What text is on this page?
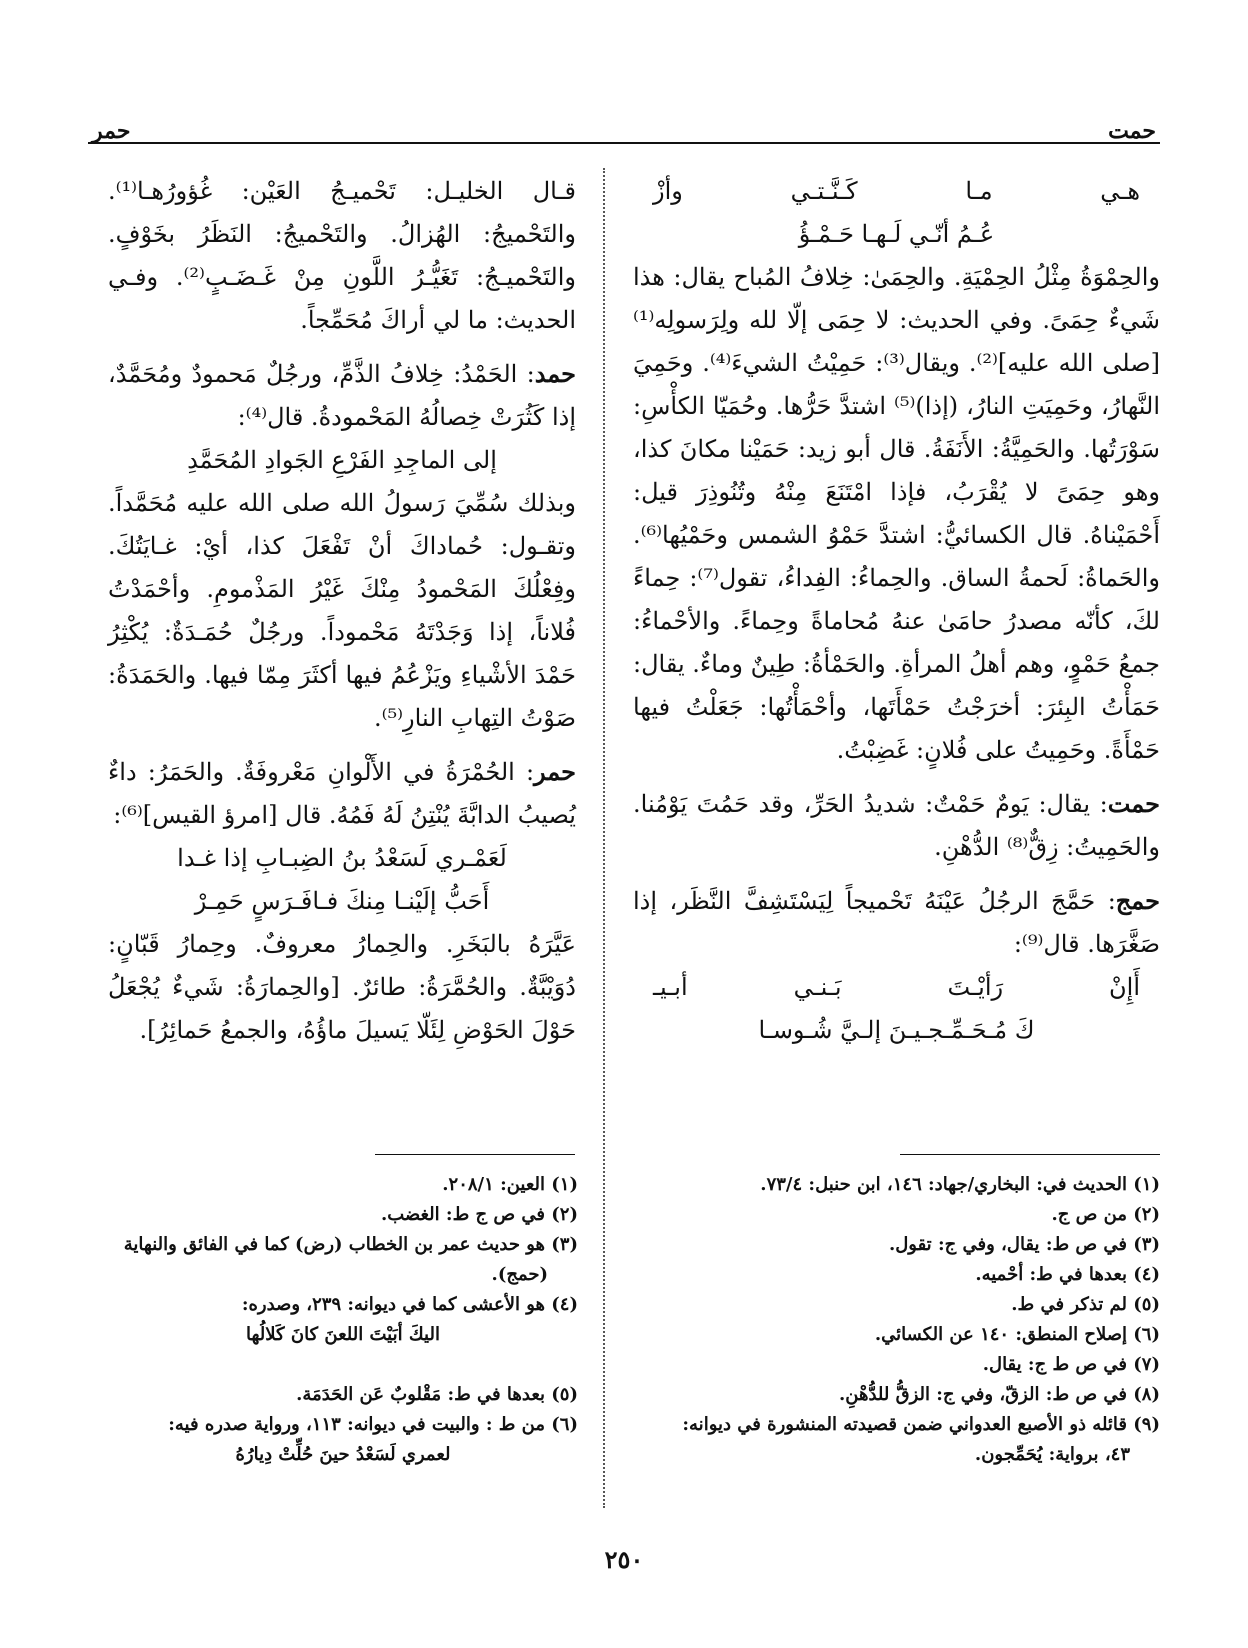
حمر	حمت

هـي مـا كَـنَّـتـي وأزْ

عُـمُ أنّـي لَـهـا حَـمْـؤُ

والحِمْوَةُ مِثْلُ الحِمْيَةِ. والحِمَىٰ: خِلافُ المُباح يقال: هذا شَيءٌ حِمَىً. وفي الحديث: لا حِمَى إلّا لله ولِرَسولِه⁽¹⁾ [صلى الله عليه]⁽²⁾. ويقال⁽³⁾: حَمِيْتُ الشيءَ⁽⁴⁾. وحَمِيَ النَّهارُ، وحَمِيَتِ النارُ، (إذا)⁽⁵⁾ اشتدَّ حَرُّها. وحُمَيّا الكأْسِ: سَوْرَتُها. والحَمِيَّةُ: الأَنَفَةُ. قال أبو زيد: حَمَيْنا مكانَ كذا، وهو حِمَىً لا يُقْرَبُ، فإذا امْتَنَعَ مِنْهُ وتُنُوذِرَ قيل: أَحْمَيْناهُ. قال الكسائيُّ: اشتدَّ حَمْوُ الشمس وحَمْيُها⁽⁶⁾. والحَماةُ: لَحمةُ الساق. والحِماءُ: الفِداءُ، تقول⁽⁷⁾: حِماءً لكَ، كأنّه مصدرُ حامَىٰ عنهُ مُحاماةً وحِماءً. والأحْماءُ: جمعُ حَمْوٍ، وهم أهلُ المرأةِ. والحَمْأةُ: طِينٌ وماءٌ. يقال: حَمَأْتُ البِئرَ: أخرَجْتُ حَمْأَتَها، وأحْمَأْتُها: جَعَلْتُ فيها حَمْأَةً. وحَمِيتُ على فُلانٍ: غَضِبْتُ.

حمت: يقال: يَومٌ حَمْتٌ: شديدُ الحَرِّ، وقد حَمُتَ يَوْمُنا. والحَمِيتُ: زِقٌّ⁽⁸⁾ الدُّهْنِ.

حمج: حَمَّجَ الرجُلُ عَيْنَهُ تَحْميجاً لِيَسْتَشِفَّ النَّظَر، إذا صَغَّرَها. قال⁽⁹⁾:

أَإِنْ رَأيْـتَ بَـنـي أبـيـ

كَ مُـحَـمِّـجـيـنَ إلـيَّ شُـوسـا

قـال الخليـل: تَحْميـجُ العَيْن: غُؤورُهـا⁽¹⁾. والتَحْميجُ: الهُزالُ. والتَحْميجُ: النَظَرُ بخَوْفٍ. والتَحْميـجُ: تَغَيُّـرُ اللَّونِ مِنْ غَـضَـبٍ⁽²⁾. وفـي الحديث: ما لي أراكَ مُحَمِّجاً.

حمد: الحَمْدُ: خِلافُ الذَّمِّ، ورجُلٌ مَحمودٌ ومُحَمَّدٌ، إذا كَثُرَتْ خِصالُهُ المَحْمودةُ. قال⁽⁴⁾:

إلى الماجِدِ الفَرْعِ الجَوادِ المُحَمَّدِ

وبذلك سُمِّيَ رَسولُ الله صلى الله عليه مُحَمَّداً. وتقـول: حُماداكَ أنْ تَفْعَلَ كذا، أيْ: غـايَتُكَ. وفِعْلُكَ المَحْمودُ مِنْكَ غَيْرُ المَذْمومِ. وأحْمَدْتُ فُلاناً، إذا وَجَدْتَهُ مَحْموداً. ورجُلٌ حُمَـدَةٌ: يُكْثِرُ حَمْدَ الأشْياءِ ويَزْعُمُ فيها أكثَرَ مِمّا فيها. والحَمَدَةُ: صَوْتُ التِهابِ النارِ⁽⁵⁾.

حمر: الحُمْرَةُ في الأَلْوانِ مَعْروفَةٌ. والحَمَرُ: داءٌ يُصيبُ الدابَّةَ يُنْتِنُ لَهُ فَمُهُ. قال [امرؤ القيس]⁽⁶⁾:

لَعَمْـري لَسَعْدُ بنُ الضِبـابِ إذا غـدا

أَحَبُّ إلَيْنـا مِنكَ فـافَـرَسٍ حَمِـرْ

عَيَّرَهُ بالبَخَرِ. والحِمارُ معروفٌ. وحِمارُ قَبّانٍ: دُوَيْبَّةٌ. والحُمَّرَةُ: طائرٌ. [والحِمارَةُ: شَيءٌ يُجْعَلُ حَوْلَ الحَوْضِ لِئَلّا يَسيلَ ماؤُهُ، والجمعُ حَمائِرُ].

(١) الحديث في: البخاري/جهاد: ١٤٦، ابن حنبل: ٧٣/٤.
(٢) من ص ج.
(٣) في ص ط: يقال، وفي ج: تقول.
(٤) بعدها في ط: أحْميه.
(٥) لم تذكر في ط.
(٦) إصلاح المنطق: ١٤٠ عن الكسائي.
(٧) في ص ط ج: يقال.
(٨) في ص ط: الزقّ، وفي ج: الزقُّ للدُّهْنِ.
(٩) قائله ذو الأصبع العدواني ضمن قصيدته المنشورة في ديوانه:
٤٣، برواية: يُحَمِّجون.
(١) العين: ٢٠٨/١.
(٢) في ص ج ط: الغضب.
(٣) هو حديث عمر بن الخطاب (رض) كما في الفائق والنهاية
(حمج).
(٤) هو الأعشى كما في ديوانه: ٢٣٩، وصدره:
اليكَ أبَيْتَ اللعنَ كانَ كَلالُها
(٥) بعدها في ط: مَقْلوبٌ عَن الحَدَمَة.
(٦) من ط : والبيت في ديوانه: ١١٣، ورواية صدره فيه:
لعمري لَسَعْدُ حينَ حُلِّتْ دِيارُهُ
٢٥٠
